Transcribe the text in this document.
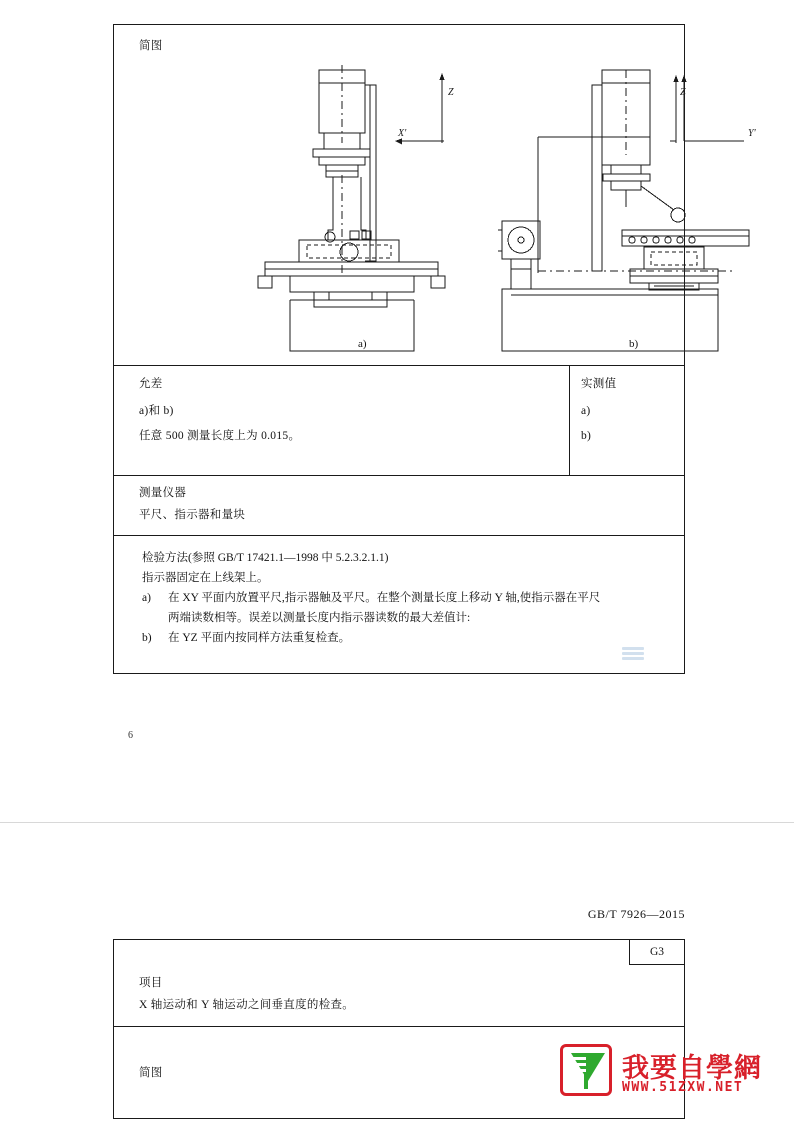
简图
Z
X'
Z
Y'
a)	b)
允差
a)和 b)
任意 500 测量长度上为 0.015。
实测值
a)
b)
测量仪器
平尺、指示器和量块
检验方法(参照 GB/T 17421.1—1998 中 5.2.3.2.1.1)
指示器固定在上线架上。
a)	在 XY 平面内放置平尺,指示器触及平尺。在整个测量长度上移动 Y 轴,使指示器在平尺
两端读数相等。误差以测量长度内指示器读数的最大差值计:
b)	在 YZ 平面内按同样方法重复检查。
6
GB/T 7926—2015
G3
项目
X 轴运动和 Y 轴运动之间垂直度的检查。
简图	我要自學網
WWW.51ZXW.NET
